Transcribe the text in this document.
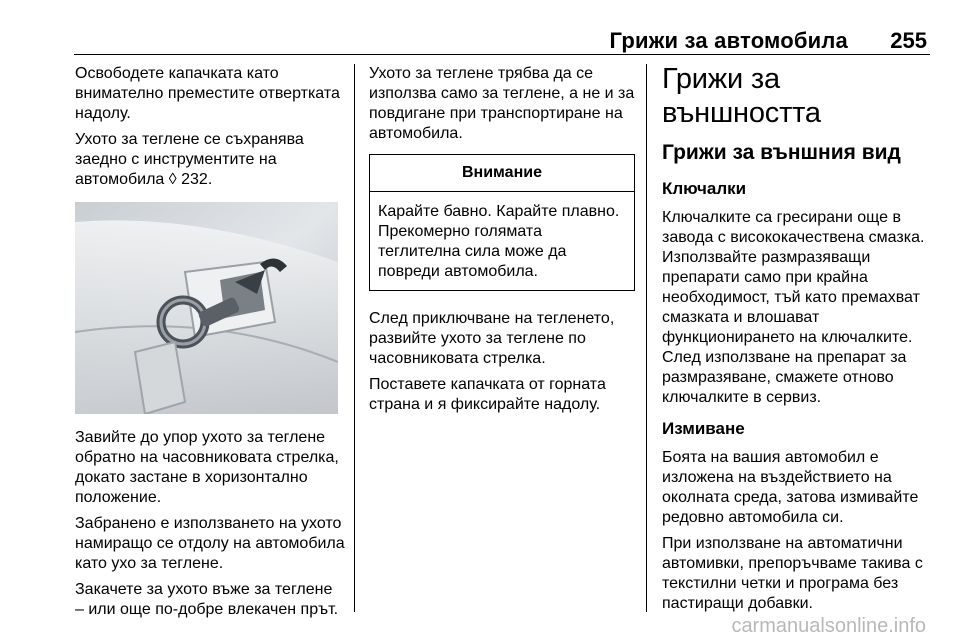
Грижи за автомобила 255

Освободете капачката като внимателно преместите отвертката надолу.

Ухото за теглене се съхранява заедно с инструментите на автомобила ◊ 232.

Завийте до упор ухото за теглене обратно на часовниковата стрелка, докато застане в хоризонтално положение.

Забранено е използването на ухото намиращо се отдолу на автомобила като ухо за теглене.

Закачете за ухото въже за теглене – или още по-добре влекачен прът.

Ухото за теглене трябва да се използва само за теглене, а не и за повдигане при транспортиране на автомобила.

Внимание
Карайте бавно. Карайте плавно. Прекомерно голямата теглителна сила може да повреди автомобила.

След приключване на тегленето, развийте ухото за теглене по часовниковата стрелка.

Поставете капачката от горната страна и я фиксирайте надолу.

Грижи за външността
Грижи за външния вид
Ключалки

Ключалките са гресирани още в завода с висококачествена смазка. Използвайте размразяващи препарати само при крайна необходимост, тъй като премахват смазката и влошават функционирането на ключалките. След използване на препарат за размразяване, смажете отново ключалките в сервиз.

Измиване

Боята на вашия автомобил е изложена на въздействието на околната среда, затова измивайте редовно автомобила си.

При използване на автоматични автомивки, препоръчваме такива с текстилни четки и програма без пастиращи добавки.

carmanualsonline.info
